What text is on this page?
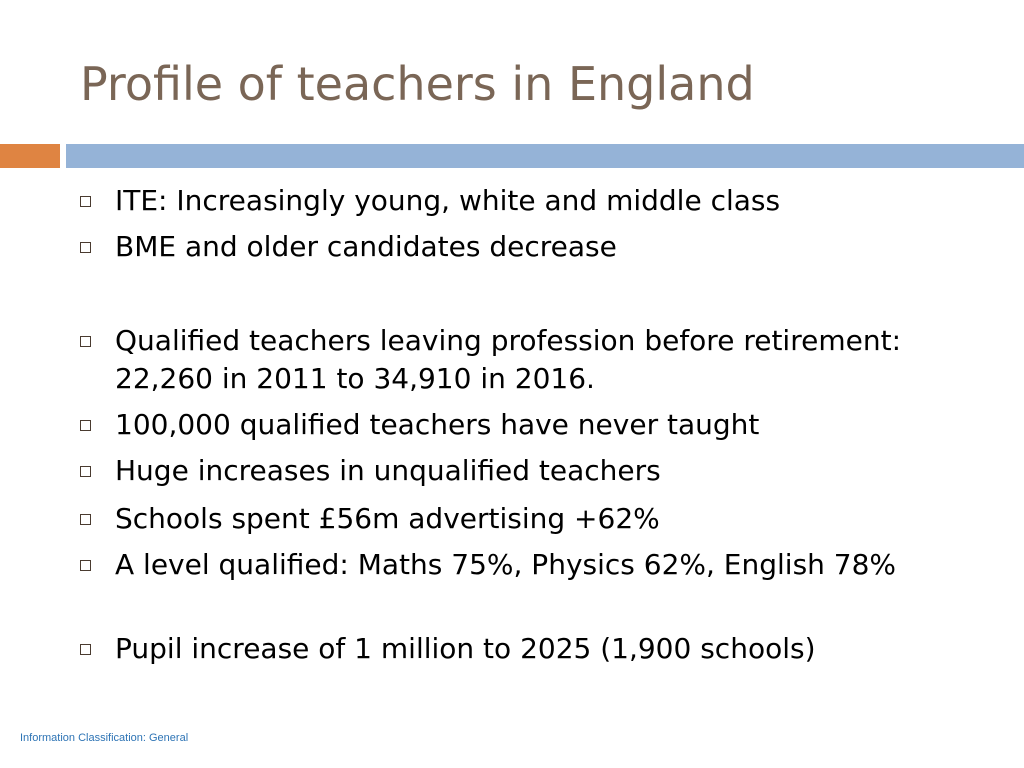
Profile of teachers in England

ITE: Increasingly young, white and middle class

BME and older candidates decrease

Qualified teachers leaving profession before retirement: 22,260 in 2011 to 34,910 in 2016.

100,000 qualified teachers have never taught

Huge increases in unqualified teachers

Schools spent £56m advertising +62%

A level qualified: Maths 75%, Physics 62%, English 78%

Pupil increase of 1 million to 2025 (1,900 schools)

Information Classification: General
